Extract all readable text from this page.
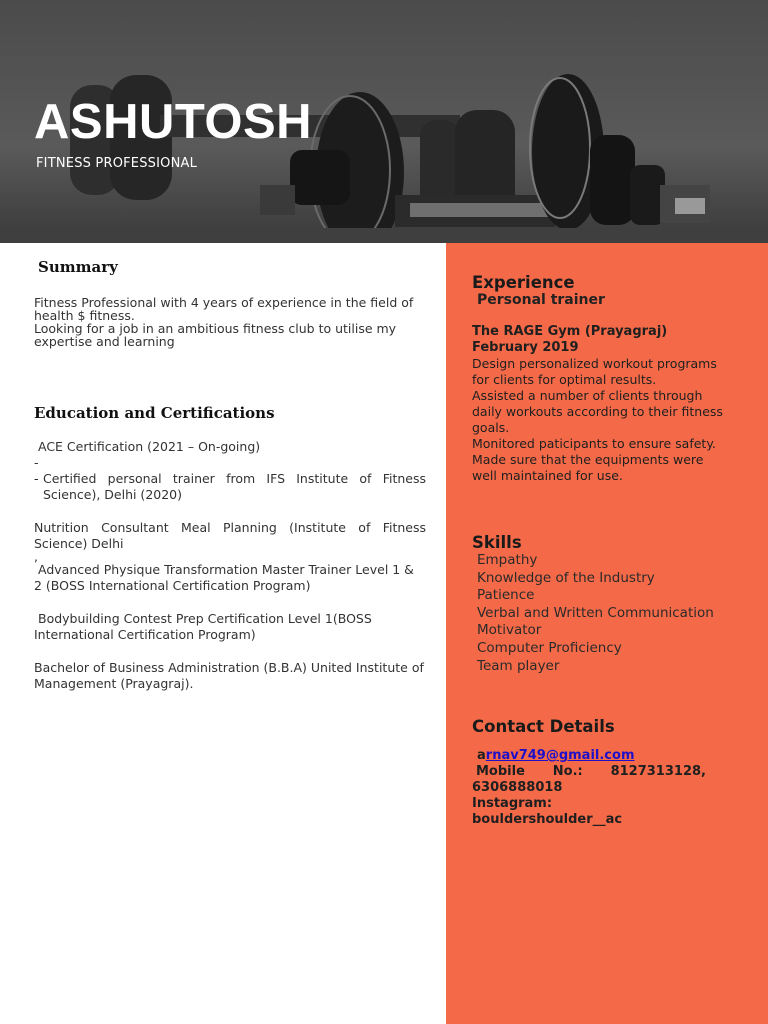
ASHUTOSH

FITNESS PROFESSIONAL

Summary

Fitness Professional with 4 years of experience in the field of

health $ fitness.

Looking for a job in an ambitious fitness club to utilise my

expertise and learning

Education and Certifications

ACE Certification (2021 – On-going)

-

- Certified personal trainer from IFS Institute of Fitness

Science), Delhi (2020)

Nutrition Consultant Meal Planning (Institute of Fitness

Science) Delhi

,

Advanced Physique Transformation Master Trainer Level 1 &

2 (BOSS International Certification Program)

Bodybuilding Contest Prep Certification Level 1(BOSS

International Certification Program)

Bachelor of Business Administration (B.B.A) United Institute of

Management (Prayagraj).

Experience

Personal trainer

The RAGE Gym (Prayagraj)

February 2019

Design personalized workout programs

for clients for optimal results.

Assisted a number of clients through

daily workouts according to their fitness

goals.

Monitored paticipants to ensure safety.

Made sure that the equipments were

well maintained for use.

Skills

Empathy

Knowledge of the Industry

Patience

Verbal and Written Communication

Motivator

Computer Proficiency

Team player

Contact Details

arnav749@gmail.com

Mobile No.: 8127313128,

6306888018

Instagram: bouldershoulder__ac
